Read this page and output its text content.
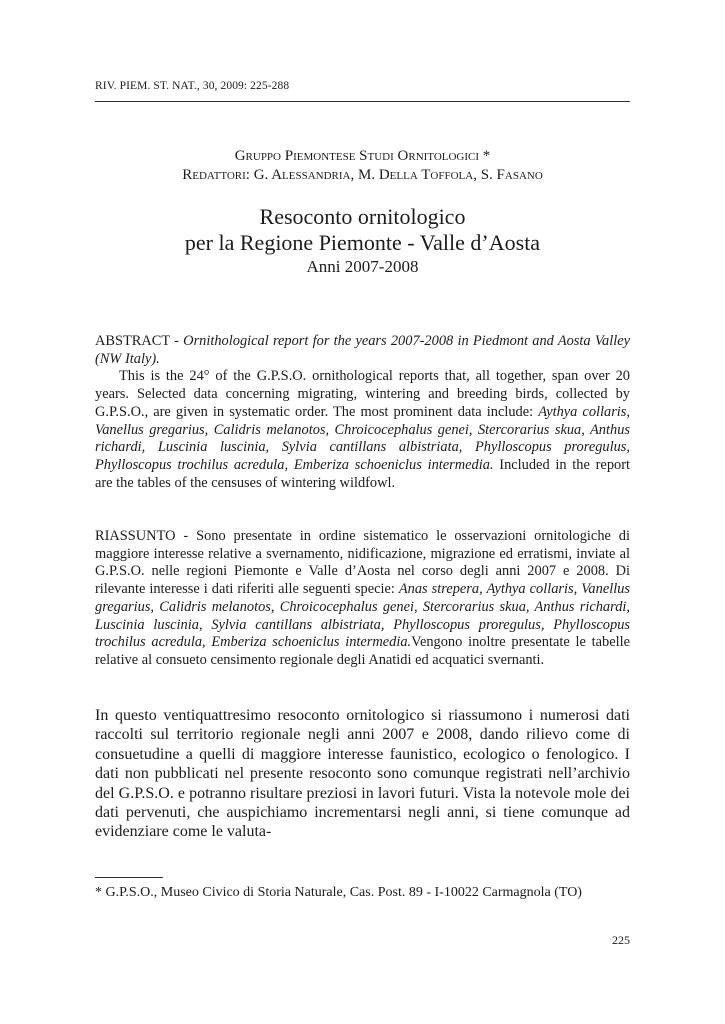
RIV. PIEM. ST. NAT., 30, 2009: 225-288
Gruppo Piemontese Studi Ornitologici *
Redattori: G. Alessandria, M. Della Toffola, S. Fasano
Resoconto ornitologico
per la Regione Piemonte - Valle d’Aosta
Anni 2007-2008

ABSTRACT - Ornithological report for the years 2007-2008 in Piedmont and Aosta Valley (NW Italy).

This is the 24° of the G.P.S.O. ornithological reports that, all together, span over 20 years. Selected data concerning migrating, wintering and breeding birds, collected by G.P.S.O., are given in systematic order. The most prominent data include: Aythya collaris, Vanellus gregarius, Calidris melanotos, Chroicocephalus genei, Stercorarius skua, Anthus richardi, Luscinia luscinia, Sylvia cantillans albistriata, Phylloscopus proregulus, Phylloscopus trochilus acredula, Emberiza schoeniclus intermedia. Included in the report are the tables of the censuses of wintering wildfowl.

RIASSUNTO - Sono presentate in ordine sistematico le osservazioni ornitologiche di maggiore interesse relative a svernamento, nidificazione, migrazione ed erratismi, inviate al G.P.S.O. nelle regioni Piemonte e Valle d’Aosta nel corso degli anni 2007 e 2008. Di rilevante interesse i dati riferiti alle seguenti specie: Anas strepera, Aythya collaris, Vanellus gregarius, Calidris melanotos, Chroicocephalus genei, Stercorarius skua, Anthus richardi, Luscinia luscinia, Sylvia cantillans albistriata, Phylloscopus proregulus, Phylloscopus trochilus acredula, Emberiza schoeniclus intermedia.Vengono inoltre presentate le tabelle relative al consueto censimento regionale degli Anatidi ed acquatici svernanti.

In questo ventiquattresimo resoconto ornitologico si riassumono i numerosi dati raccolti sul territorio regionale negli anni 2007 e 2008, dando rilievo come di consuetudine a quelli di maggiore interesse faunistico, ecologico o fenologico. I dati non pubblicati nel presente resoconto sono comunque registrati nell’archivio del G.P.S.O. e potranno risultare preziosi in lavori futuri. Vista la notevole mole dei dati pervenuti, che auspichiamo incrementarsi negli anni, si tiene comunque ad evidenziare come le valuta-

* G.P.S.O., Museo Civico di Storia Naturale, Cas. Post. 89 - I-10022 Carmagnola (TO)
225
